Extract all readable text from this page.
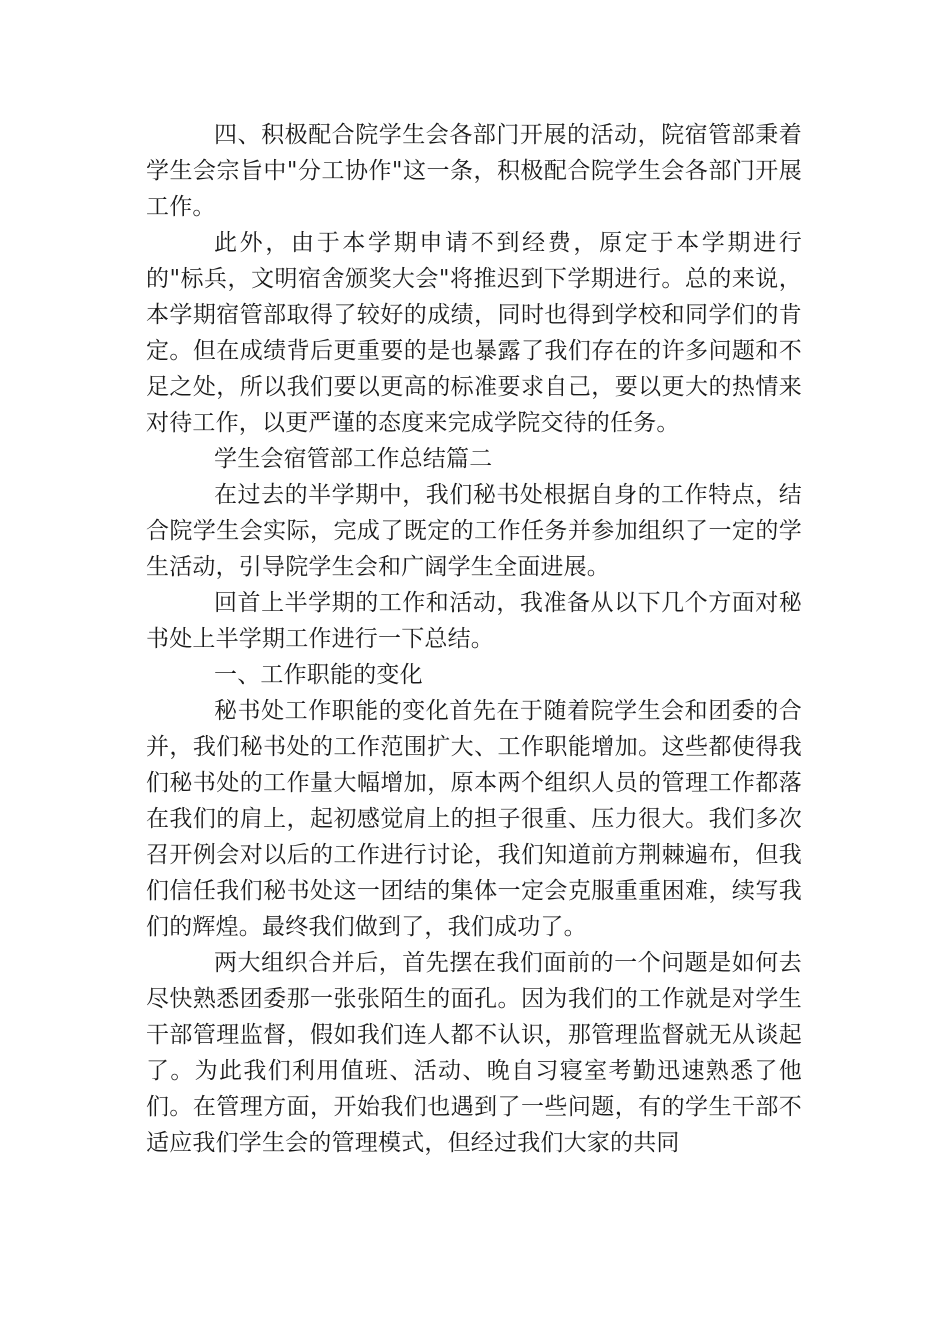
四、积极配合院学生会各部门开展的活动，院宿管部秉着学生会宗旨中"分工协作"这一条，积极配合院学生会各部门开展工作。

此外，由于本学期申请不到经费，原定于本学期进行的"标兵，文明宿舍颁奖大会"将推迟到下学期进行。总的来说，本学期宿管部取得了较好的成绩，同时也得到学校和同学们的肯定。但在成绩背后更重要的是也暴露了我们存在的许多问题和不足之处，所以我们要以更高的标准要求自己，要以更大的热情来对待工作，以更严谨的态度来完成学院交待的任务。

学生会宿管部工作总结篇二

在过去的半学期中，我们秘书处根据自身的工作特点，结合院学生会实际，完成了既定的工作任务并参加组织了一定的学生活动，引导院学生会和广阔学生全面进展。

回首上半学期的工作和活动，我准备从以下几个方面对秘书处上半学期工作进行一下总结。

一、工作职能的变化

秘书处工作职能的变化首先在于随着院学生会和团委的合并，我们秘书处的工作范围扩大、工作职能增加。这些都使得我们秘书处的工作量大幅增加，原本两个组织人员的管理工作都落在我们的肩上，起初感觉肩上的担子很重、压力很大。我们多次召开例会对以后的工作进行讨论，我们知道前方荆棘遍布，但我们信任我们秘书处这一团结的集体一定会克服重重困难，续写我们的辉煌。最终我们做到了，我们成功了。

两大组织合并后，首先摆在我们面前的一个问题是如何去尽快熟悉团委那一张张陌生的面孔。因为我们的工作就是对学生干部管理监督，假如我们连人都不认识，那管理监督就无从谈起了。为此我们利用值班、活动、晚自习寝室考勤迅速熟悉了他们。在管理方面，开始我们也遇到了一些问题，有的学生干部不适应我们学生会的管理模式，但经过我们大家的共同
